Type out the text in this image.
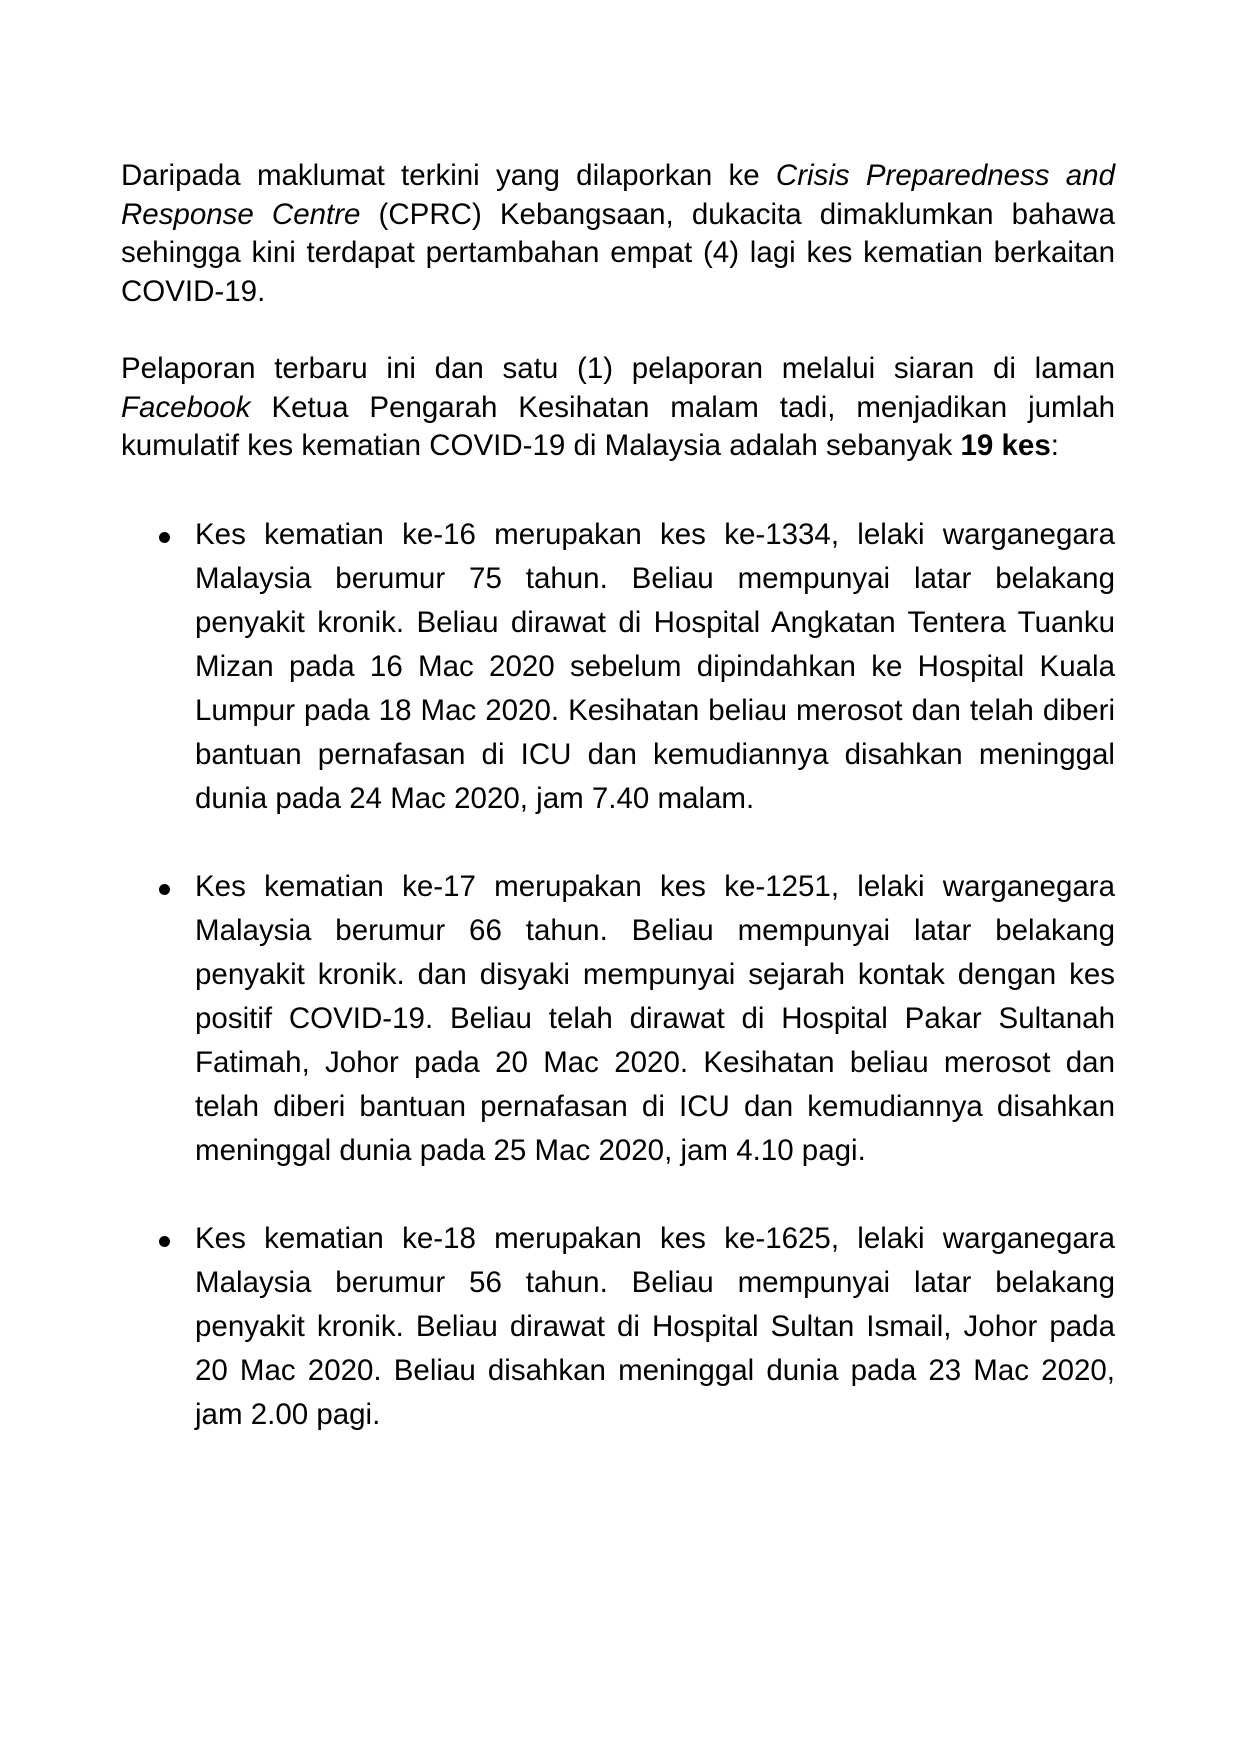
Daripada maklumat terkini yang dilaporkan ke Crisis Preparedness and Response Centre (CPRC) Kebangsaan, dukacita dimaklumkan bahawa sehingga kini terdapat pertambahan empat (4) lagi kes kematian berkaitan COVID-19.

Pelaporan terbaru ini dan satu (1) pelaporan melalui siaran di laman Facebook Ketua Pengarah Kesihatan malam tadi, menjadikan jumlah kumulatif kes kematian COVID-19 di Malaysia adalah sebanyak 19 kes:

Kes kematian ke-16 merupakan kes ke-1334, lelaki warganegara Malaysia berumur 75 tahun. Beliau mempunyai latar belakang penyakit kronik. Beliau dirawat di Hospital Angkatan Tentera Tuanku Mizan pada 16 Mac 2020 sebelum dipindahkan ke Hospital Kuala Lumpur pada 18 Mac 2020. Kesihatan beliau merosot dan telah diberi bantuan pernafasan di ICU dan kemudiannya disahkan meninggal dunia pada 24 Mac 2020, jam 7.40 malam.
Kes kematian ke-17 merupakan kes ke-1251, lelaki warganegara Malaysia berumur 66 tahun. Beliau mempunyai latar belakang penyakit kronik. dan disyaki mempunyai sejarah kontak dengan kes positif COVID-19. Beliau telah dirawat di Hospital Pakar Sultanah Fatimah, Johor pada 20 Mac 2020. Kesihatan beliau merosot dan telah diberi bantuan pernafasan di ICU dan kemudiannya disahkan meninggal dunia pada 25 Mac 2020, jam 4.10 pagi.
Kes kematian ke-18 merupakan kes ke-1625, lelaki warganegara Malaysia berumur 56 tahun. Beliau mempunyai latar belakang penyakit kronik. Beliau dirawat di Hospital Sultan Ismail, Johor pada 20 Mac 2020. Beliau disahkan meninggal dunia pada 23 Mac 2020, jam 2.00 pagi.
